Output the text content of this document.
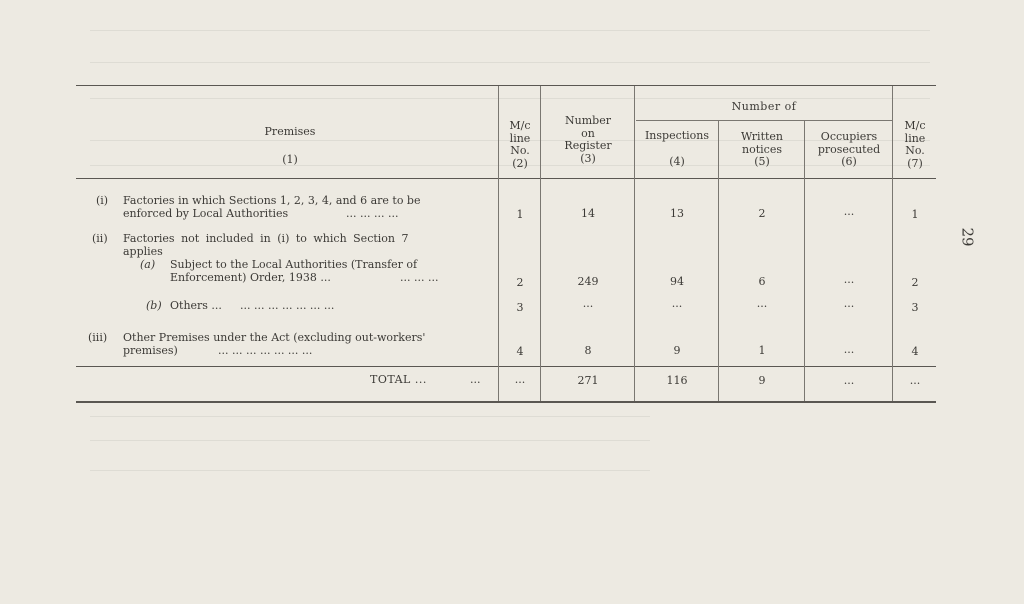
29
Premises
(1)
M/c
line
No.
(2)
Number
on
Register
(3)
Number of
Inspections
(4)
Written
notices
(5)
Occupiers
prosecuted
(6)
M/c
line
No.
(7)
(i) Factories in which Sections 1, 2, 3, 4, and 6 are to be
enforced by Local Authorities	... ... ... ...	1	14	13	2	...	1
(ii) Factories not included in (i) to which Section 7
applies
(a) Subject to the Local Authorities (Transfer of
Enforcement) Order, 1938 ...	... ... ...	2	249	94	6	...	2
(b) Others ... ... ... ... ... ... ... ...	3	...	...	...	...	3
(iii) Other Premises under the Act (excluding out-workers'
premises)	... ... ... ... ... ... ...	4	8	9	1	...	4
TOTAL ...	...	...	271	116	9	...	...
